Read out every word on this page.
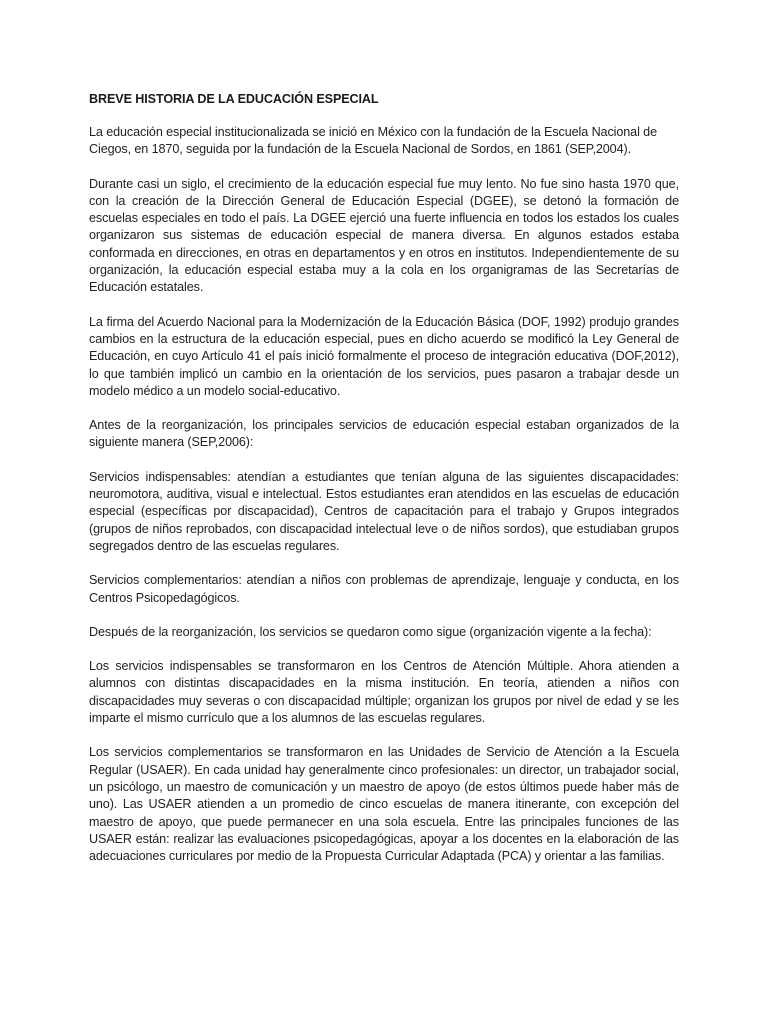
BREVE HISTORIA DE LA EDUCACIÓN ESPECIAL

La educación especial institucionalizada se inició en México con la fundación de la Escuela Nacional de Ciegos, en 1870, seguida por la fundación de la Escuela Nacional de Sordos, en 1861 (SEP,2004).

Durante casi un siglo, el crecimiento de la educación especial fue muy lento. No fue sino hasta 1970 que, con la creación de la Dirección General de Educación Especial (DGEE), se detonó la formación de escuelas especiales en todo el país. La DGEE ejerció una fuerte influencia en todos los estados los cuales organizaron sus sistemas de educación especial de manera diversa. En algunos estados estaba conformada en direcciones, en otras en departamentos y en otros en institutos. Independientemente de su organización, la educación especial estaba muy a la cola en los organigramas de las Secretarías de Educación estatales.

La firma del Acuerdo Nacional para la Modernización de la Educación Básica (DOF, 1992) produjo grandes cambios en la estructura de la educación especial, pues en dicho acuerdo se modificó la Ley General de Educación, en cuyo Artículo 41 el país inició formalmente el proceso de integración educativa (DOF,2012), lo que también implicó un cambio en la orientación de los servicios, pues pasaron a trabajar desde un modelo médico a un modelo social-educativo.

Antes de la reorganización, los principales servicios de educación especial estaban organizados de la siguiente manera (SEP,2006):

Servicios indispensables: atendían a estudiantes que tenían alguna de las siguientes discapacidades: neuromotora, auditiva, visual e intelectual. Estos estudiantes eran atendidos en las escuelas de educación especial (específicas por discapacidad), Centros de capacitación para el trabajo y Grupos integrados (grupos de niños reprobados, con discapacidad intelectual leve o de niños sordos), que estudiaban grupos segregados dentro de las escuelas regulares.

Servicios complementarios: atendían a niños con problemas de aprendizaje, lenguaje y conducta, en los Centros Psicopedagógicos.

Después de la reorganización, los servicios se quedaron como sigue (organización vigente a la fecha):

Los servicios indispensables se transformaron en los Centros de Atención Múltiple. Ahora atienden a alumnos con distintas discapacidades en la misma institución. En teoría, atienden a niños con discapacidades muy severas o con discapacidad múltiple; organizan los grupos por nivel de edad y se les imparte el mismo currículo que a los alumnos de las escuelas regulares.

Los servicios complementarios se transformaron en las Unidades de Servicio de Atención a la Escuela Regular (USAER). En cada unidad hay generalmente cinco profesionales: un director, un trabajador social, un psicólogo, un maestro de comunicación y un maestro de apoyo (de estos últimos puede haber más de uno). Las USAER atienden a un promedio de cinco escuelas de manera itinerante, con excepción del maestro de apoyo, que puede permanecer en una sola escuela. Entre las principales funciones de las USAER están: realizar las evaluaciones psicopedagógicas, apoyar a los docentes en la elaboración de las adecuaciones curriculares por medio de la Propuesta Curricular Adaptada (PCA) y orientar a las familias.
